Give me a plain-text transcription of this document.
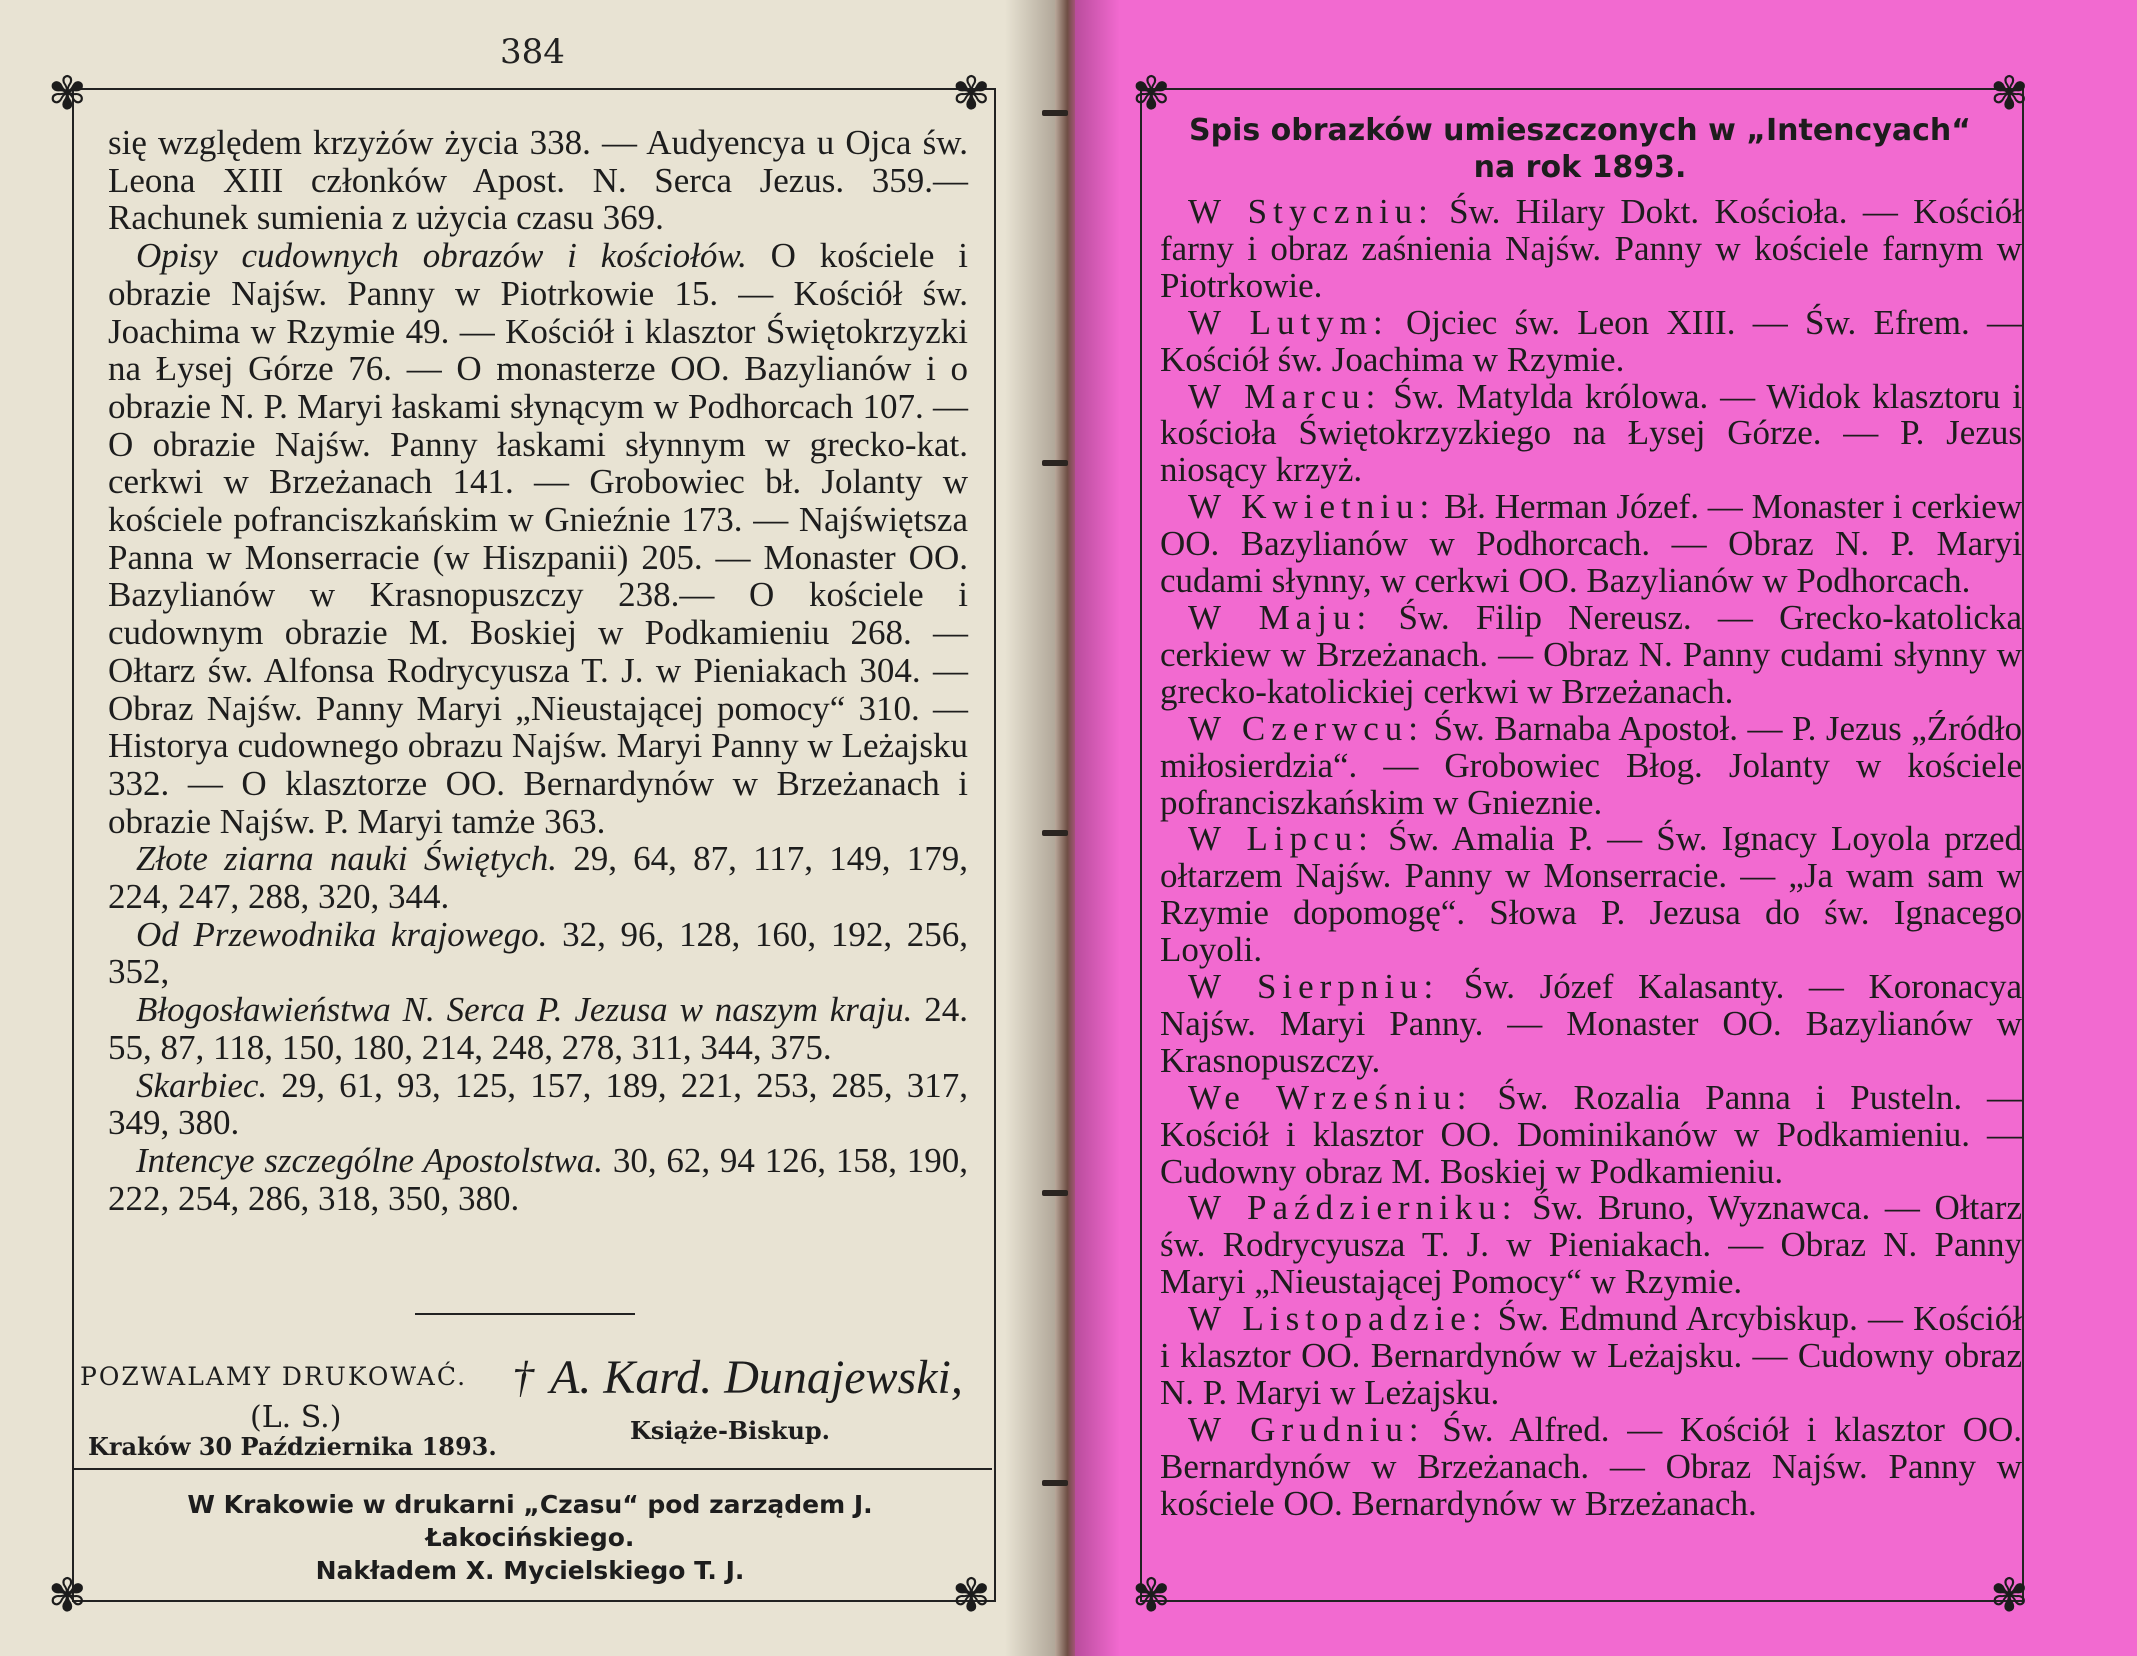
384
✾	✾
✾	✾

się względem krzyżów życia 338. — Audyencya u Ojca św. Leona XIII członków Apost. N. Serca Jezus. 359.—Rachunek sumienia z użycia czasu 369.

Opisy cudownych obrazów i kościołów. O kościele i obrazie Najśw. Panny w Piotrkowie 15. — Kościół św. Joachima w Rzymie 49. — Kościół i klasztor Świętokrzyzki na Łysej Górze 76. — O monasterze OO. Bazylianów i o obrazie N. P. Maryi łaskami słynącym w Podhorcach 107. — O obrazie Najśw. Panny łaskami słynnym w grecko-kat. cerkwi w Brzeżanach 141. — Grobowiec bł. Jolanty w kościele pofranciszkańskim w Gnieźnie 173. — Najświętsza Panna w Monserracie (w Hiszpanii) 205. — Monaster OO. Bazylianów w Krasnopuszczy 238.— O kościele i cudownym obrazie M. Boskiej w Podkamieniu 268. — Ołtarz św. Alfonsa Rodrycyusza T. J. w Pieniakach 304. — Obraz Najśw. Panny Maryi „Nieustającej pomocy“ 310. — Historya cudownego obrazu Najśw. Maryi Panny w Leżajsku 332. — O klasztorze OO. Bernardynów w Brzeżanach i obrazie Najśw. P. Maryi tamże 363.

Złote ziarna nauki Świętych. 29, 64, 87, 117, 149, 179, 224, 247, 288, 320, 344.

Od Przewodnika krajowego. 32, 96, 128, 160, 192, 256, 352,

Błogosławieństwa N. Serca P. Jezusa w naszym kraju. 24. 55, 87, 118, 150, 180, 214, 248, 278, 311, 344, 375.

Skarbiec. 29, 61, 93, 125, 157, 189, 221, 253, 285, 317, 349, 380.

Intencye szczególne Apostolstwa. 30, 62, 94 126, 158, 190, 222, 254, 286, 318, 350, 380.

POZWALAMY DRUKOWAĆ. † A. Kard. Dunajewski,
(L. S.)
Kraków 30 Października 1893.
Książe-Biskup.
W Krakowie w drukarni „Czasu“ pod zarządem J. Łakocińskiego.
Nakładem X. Mycielskiego T. J.
✾	✾
✾	✾
Spis obrazków umieszczonych w „Intencyach“
na rok 1893.

W Styczniu: Św. Hilary Dokt. Kościoła. — Kościół farny i obraz zaśnienia Najśw. Panny w kościele farnym w Piotrkowie.

W Lutym: Ojciec św. Leon XIII. — Św. Efrem. — Kościół św. Joachima w Rzymie.

W Marcu: Św. Matylda królowa. — Widok klasztoru i kościoła Świętokrzyzkiego na Łysej Górze. — P. Jezus niosący krzyż.

W Kwietniu: Bł. Herman Józef. — Monaster i cerkiew OO. Bazylianów w Podhorcach. — Obraz N. P. Maryi cudami słynny, w cerkwi OO. Bazylianów w Podhorcach.

W Maju: Św. Filip Nereusz. — Grecko-katolicka cerkiew w Brzeżanach. — Obraz N. Panny cudami słynny w grecko-katolickiej cerkwi w Brzeżanach.

W Czerwcu: Św. Barnaba Apostoł. — P. Jezus „Źródło miłosierdzia“. — Grobowiec Błog. Jolanty w kościele pofranciszkańskim w Gnieznie.

W Lipcu: Św. Amalia P. — Św. Ignacy Loyola przed ołtarzem Najśw. Panny w Monserracie. — „Ja wam sam w Rzymie dopomogę“. Słowa P. Jezusa do św. Ignacego Loyoli.

W Sierpniu: Św. Józef Kalasanty. — Koronacya Najśw. Maryi Panny. — Monaster OO. Bazylianów w Krasnopuszczy.

We Wrześniu: Św. Rozalia Panna i Pusteln. — Kościół i klasztor OO. Dominikanów w Podkamieniu. — Cudowny obraz M. Boskiej w Podkamieniu.

W Październiku: Św. Bruno, Wyznawca. — Ołtarz św. Rodrycyusza T. J. w Pieniakach. — Obraz N. Panny Maryi „Nieustającej Pomocy“ w Rzymie.

W Listopadzie: Św. Edmund Arcybiskup. — Kościół i klasztor OO. Bernardynów w Leżajsku. — Cudowny obraz N. P. Maryi w Leżajsku.

W Grudniu: Św. Alfred. — Kościół i klasztor OO. Bernardynów w Brzeżanach. — Obraz Najśw. Panny w kościele OO. Bernardynów w Brzeżanach.
